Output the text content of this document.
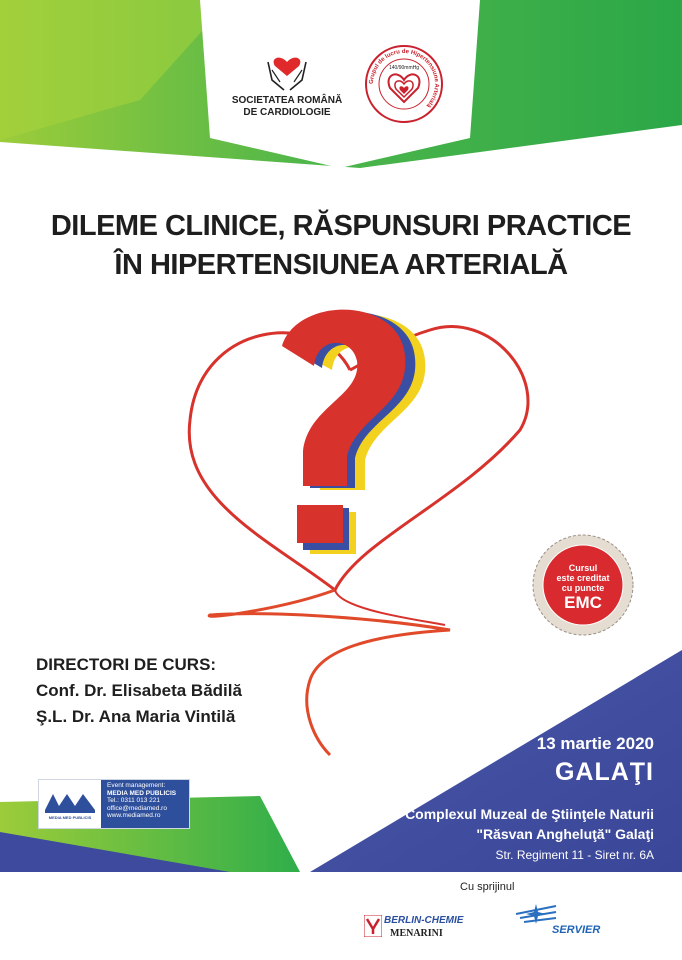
SOCIETATEA ROMÂNĂ
DE CARDIOLOGIE
Grupul de lucru de Hipertensiune Arterială
140/90mmHg
DILEME CLINICE, RĂSPUNSURI PRACTICE
ÎN HIPERTENSIUNEA ARTERIALĂ
Cursul
este creditat
cu puncte
EMC
DIRECTORI DE CURS:
Conf. Dr. Elisabeta Bădilă
Ş.L. Dr. Ana Maria Vintilă
13 martie 2020
GALAŢI
Complexul Muzeal de Ştiinţele Naturii
"Răsvan Angheluţă" Galaţi
Str. Regiment 11 - Siret nr. 6A
MEDIA MED PUBLICIS
Event management:
MEDIA MED PUBLICIS
Tel.: 0311 013 221
office@mediamed.ro
www.mediamed.ro
Cu sprijinul
BERLIN-CHEMIE
MENARINI	SERVIER
